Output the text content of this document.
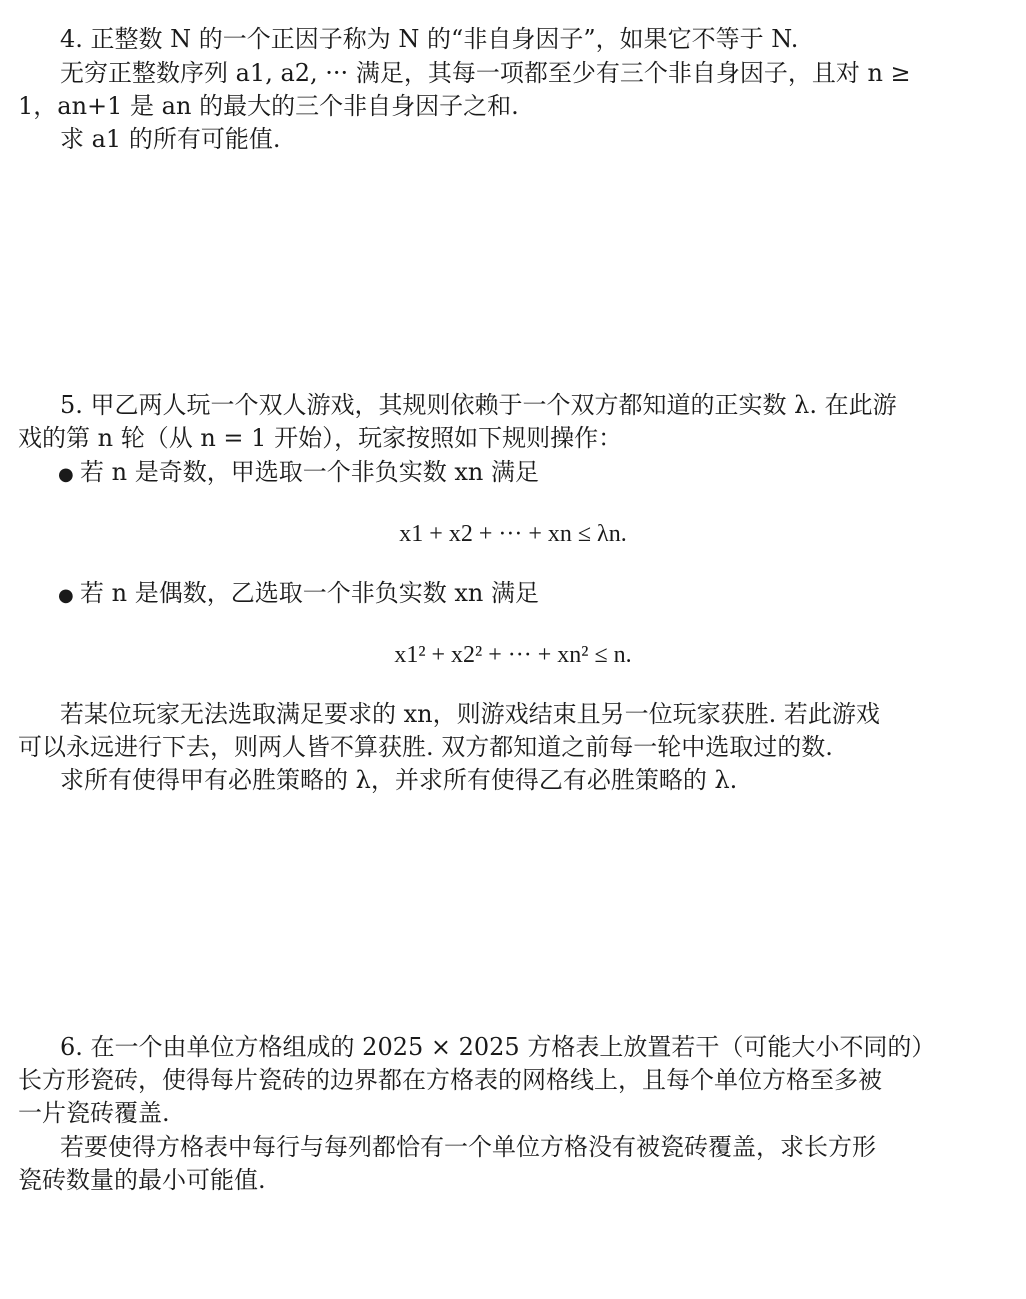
4. 正整数 N 的一个正因子称为 N 的“非自身因子”，如果它不等于 N.

无穷正整数序列 a1, a2, ··· 满足，其每一项都至少有三个非自身因子，且对 n ≥

1，an+1 是 an 的最大的三个非自身因子之和.

求 a1 的所有可能值.

5. 甲乙两人玩一个双人游戏，其规则依赖于一个双方都知道的正实数 λ. 在此游

戏的第 n 轮（从 n = 1 开始），玩家按照如下规则操作：

● 若 n 是奇数，甲选取一个非负实数 xn 满足

x1 + x2 + ··· + xn ≤ λn.

● 若 n 是偶数，乙选取一个非负实数 xn 满足

x1² + x2² + ··· + xn² ≤ n.

若某位玩家无法选取满足要求的 xn，则游戏结束且另一位玩家获胜. 若此游戏

可以永远进行下去，则两人皆不算获胜. 双方都知道之前每一轮中选取过的数.

求所有使得甲有必胜策略的 λ，并求所有使得乙有必胜策略的 λ.

6. 在一个由单位方格组成的 2025 × 2025 方格表上放置若干（可能大小不同的）

长方形瓷砖，使得每片瓷砖的边界都在方格表的网格线上，且每个单位方格至多被

一片瓷砖覆盖.

若要使得方格表中每行与每列都恰有一个单位方格没有被瓷砖覆盖，求长方形

瓷砖数量的最小可能值.
